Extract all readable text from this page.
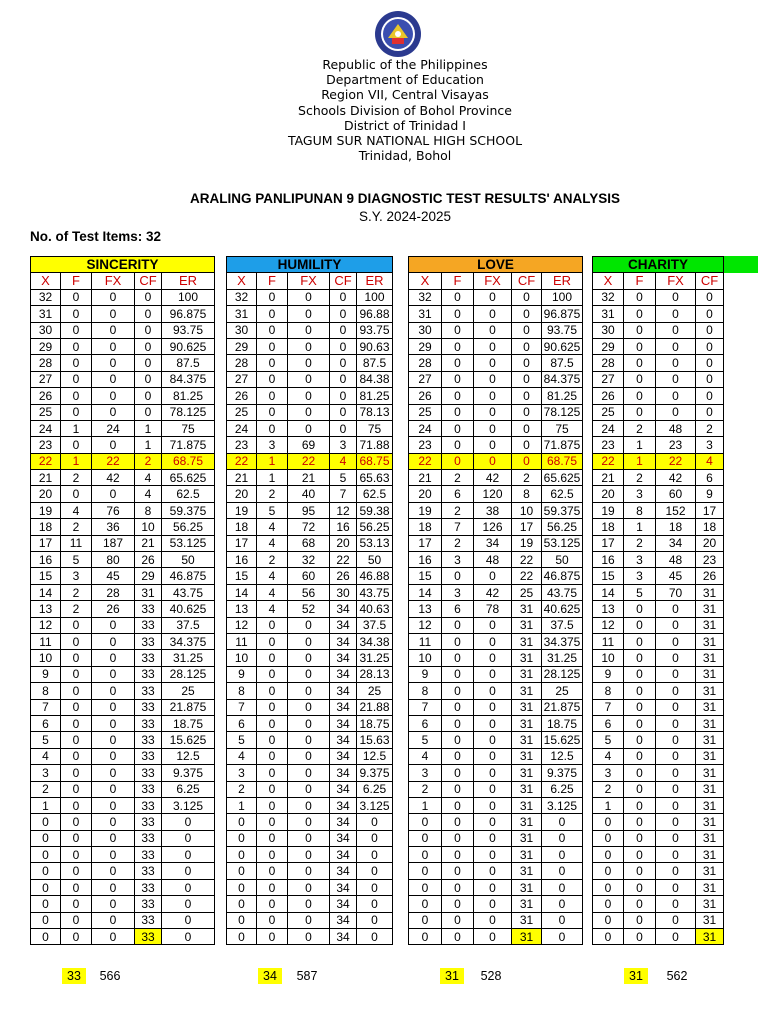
Republic of the Philippines
Department of Education
Region VII, Central Visayas
Schools Division of Bohol Province
District of Trinidad I
TAGUM SUR NATIONAL HIGH SCHOOL
Trinidad, Bohol
ARALING PANLIPUNAN 9 DIAGNOSTIC TEST RESULTS' ANALYSIS
S.Y. 2024-2025
No. of Test Items: 32
SINCERITY				
X	F	FX	CF	ER
32	0	0	0	100
31	0	0	0	96.875
30	0	0	0	93.75
29	0	0	0	90.625
28	0	0	0	87.5
27	0	0	0	84.375
26	0	0	0	81.25
25	0	0	0	78.125
24	1	24	1	75
23	0	0	1	71.875
22	1	22	2	68.75
21	2	42	4	65.625
20	0	0	4	62.5
19	4	76	8	59.375
18	2	36	10	56.25
17	11	187	21	53.125
16	5	80	26	50
15	3	45	29	46.875
14	2	28	31	43.75
13	2	26	33	40.625
12	0	0	33	37.5
11	0	0	33	34.375
10	0	0	33	31.25
9	0	0	33	28.125
8	0	0	33	25
7	0	0	33	21.875
6	0	0	33	18.75
5	0	0	33	15.625
4	0	0	33	12.5
3	0	0	33	9.375
2	0	0	33	6.25
1	0	0	33	3.125
0	0	0	33	0
0	0	0	33	0
0	0	0	33	0
0	0	0	33	0
0	0	0	33	0
0	0	0	33	0
0	0	0	33	0
0	0	0	33	0
HUMILITY				
X	F	FX	CF	ER
32	0	0	0	100
31	0	0	0	96.88
30	0	0	0	93.75
29	0	0	0	90.63
28	0	0	0	87.5
27	0	0	0	84.38
26	0	0	0	81.25
25	0	0	0	78.13
24	0	0	0	75
23	3	69	3	71.88
22	1	22	4	68.75
21	1	21	5	65.63
20	2	40	7	62.5
19	5	95	12	59.38
18	4	72	16	56.25
17	4	68	20	53.13
16	2	32	22	50
15	4	60	26	46.88
14	4	56	30	43.75
13	4	52	34	40.63
12	0	0	34	37.5
11	0	0	34	34.38
10	0	0	34	31.25
9	0	0	34	28.13
8	0	0	34	25
7	0	0	34	21.88
6	0	0	34	18.75
5	0	0	34	15.63
4	0	0	34	12.5
3	0	0	34	9.375
2	0	0	34	6.25
1	0	0	34	3.125
0	0	0	34	0
0	0	0	34	0
0	0	0	34	0
0	0	0	34	0
0	0	0	34	0
0	0	0	34	0
0	0	0	34	0
0	0	0	34	0
LOVE				
X	F	FX	CF	ER
32	0	0	0	100
31	0	0	0	96.875
30	0	0	0	93.75
29	0	0	0	90.625
28	0	0	0	87.5
27	0	0	0	84.375
26	0	0	0	81.25
25	0	0	0	78.125
24	0	0	0	75
23	0	0	0	71.875
22	0	0	0	68.75
21	2	42	2	65.625
20	6	120	8	62.5
19	2	38	10	59.375
18	7	126	17	56.25
17	2	34	19	53.125
16	3	48	22	50
15	0	0	22	46.875
14	3	42	25	43.75
13	6	78	31	40.625
12	0	0	31	37.5
11	0	0	31	34.375
10	0	0	31	31.25
9	0	0	31	28.125
8	0	0	31	25
7	0	0	31	21.875
6	0	0	31	18.75
5	0	0	31	15.625
4	0	0	31	12.5
3	0	0	31	9.375
2	0	0	31	6.25
1	0	0	31	3.125
0	0	0	31	0
0	0	0	31	0
0	0	0	31	0
0	0	0	31	0
0	0	0	31	0
0	0	0	31	0
0	0	0	31	0
0	0	0	31	0
CHARITY			
X	F	FX	CF
32	0	0	0
31	0	0	0
30	0	0	0
29	0	0	0
28	0	0	0
27	0	0	0
26	0	0	0
25	0	0	0
24	2	48	2
23	1	23	3
22	1	22	4
21	2	42	6
20	3	60	9
19	8	152	17
18	1	18	18
17	2	34	20
16	3	48	23
15	3	45	26
14	5	70	31
13	0	0	31
12	0	0	31
11	0	0	31
10	0	0	31
9	0	0	31
8	0	0	31
7	0	0	31
6	0	0	31
5	0	0	31
4	0	0	31
3	0	0	31
2	0	0	31
1	0	0	31
0	0	0	31
0	0	0	31
0	0	0	31
0	0	0	31
0	0	0	31
0	0	0	31
0	0	0	31
0	0	0	31
33	566	34	587	31	528	31	562
